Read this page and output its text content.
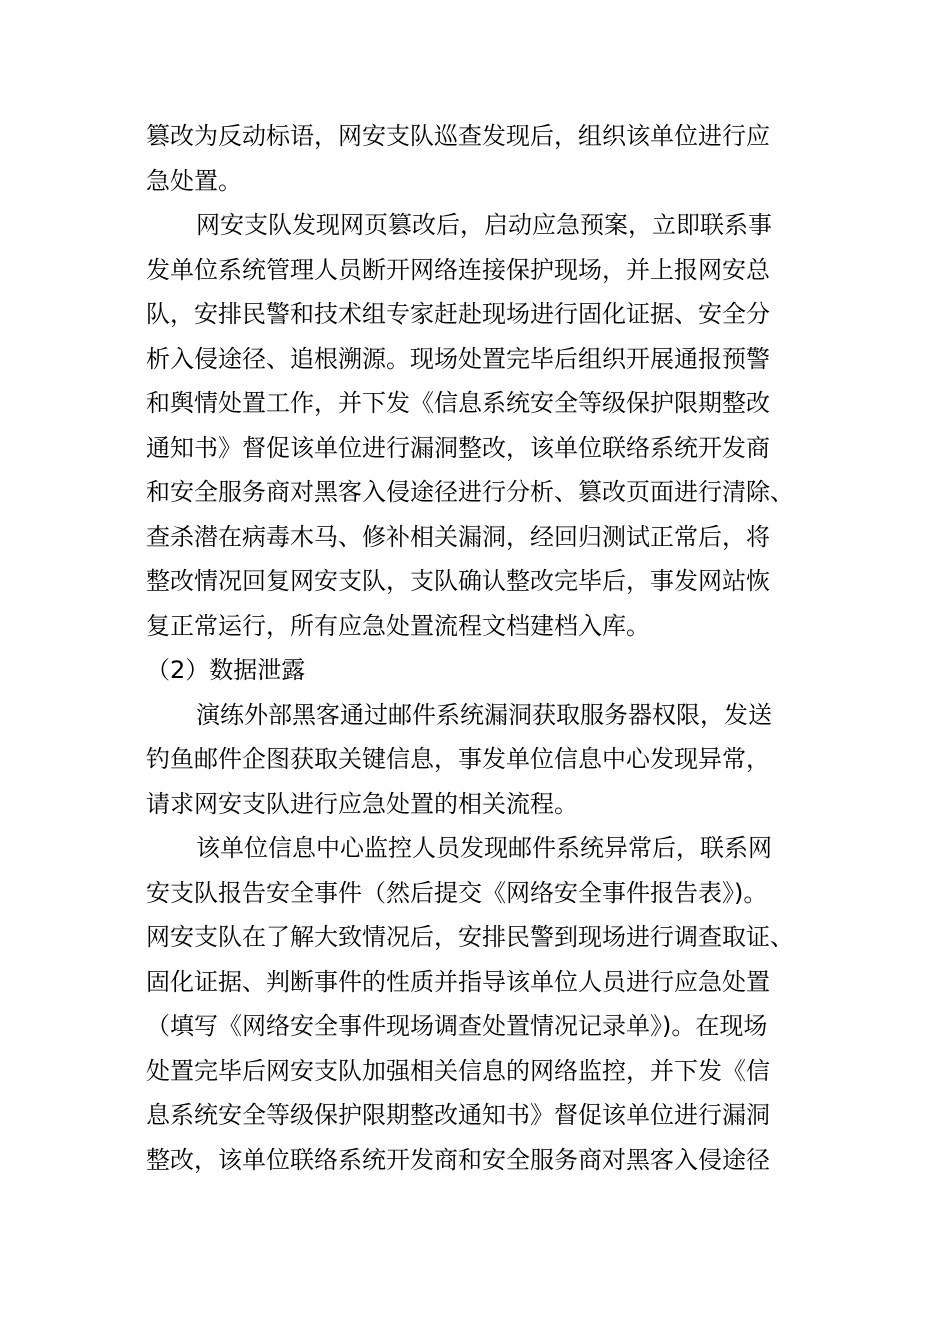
篡改为反动标语，网安支队巡查发现后，组织该单位进行应
急处置。
网安支队发现网页篡改后，启动应急预案，立即联系事
发单位系统管理人员断开网络连接保护现场，并上报网安总
队，安排民警和技术组专家赶赴现场进行固化证据、安全分
析入侵途径、追根溯源。现场处置完毕后组织开展通报预警
和舆情处置工作，并下发《信息系统安全等级保护限期整改
通知书》督促该单位进行漏洞整改，该单位联络系统开发商
和安全服务商对黑客入侵途径进行分析、篡改页面进行清除、
查杀潜在病毒木马、修补相关漏洞，经回归测试正常后，将
整改情况回复网安支队，支队确认整改完毕后，事发网站恢
复正常运行，所有应急处置流程文档建档入库。
（2）数据泄露
演练外部黑客通过邮件系统漏洞获取服务器权限，发送
钓鱼邮件企图获取关键信息，事发单位信息中心发现异常，
请求网安支队进行应急处置的相关流程。
该单位信息中心监控人员发现邮件系统异常后，联系网
安支队报告安全事件（然后提交《网络安全事件报告表》)。
网安支队在了解大致情况后，安排民警到现场进行调查取证、
固化证据、判断事件的性质并指导该单位人员进行应急处置
（填写《网络安全事件现场调查处置情况记录单》)。在现场
处置完毕后网安支队加强相关信息的网络监控，并下发《信
息系统安全等级保护限期整改通知书》督促该单位进行漏洞
整改，该单位联络系统开发商和安全服务商对黑客入侵途径
